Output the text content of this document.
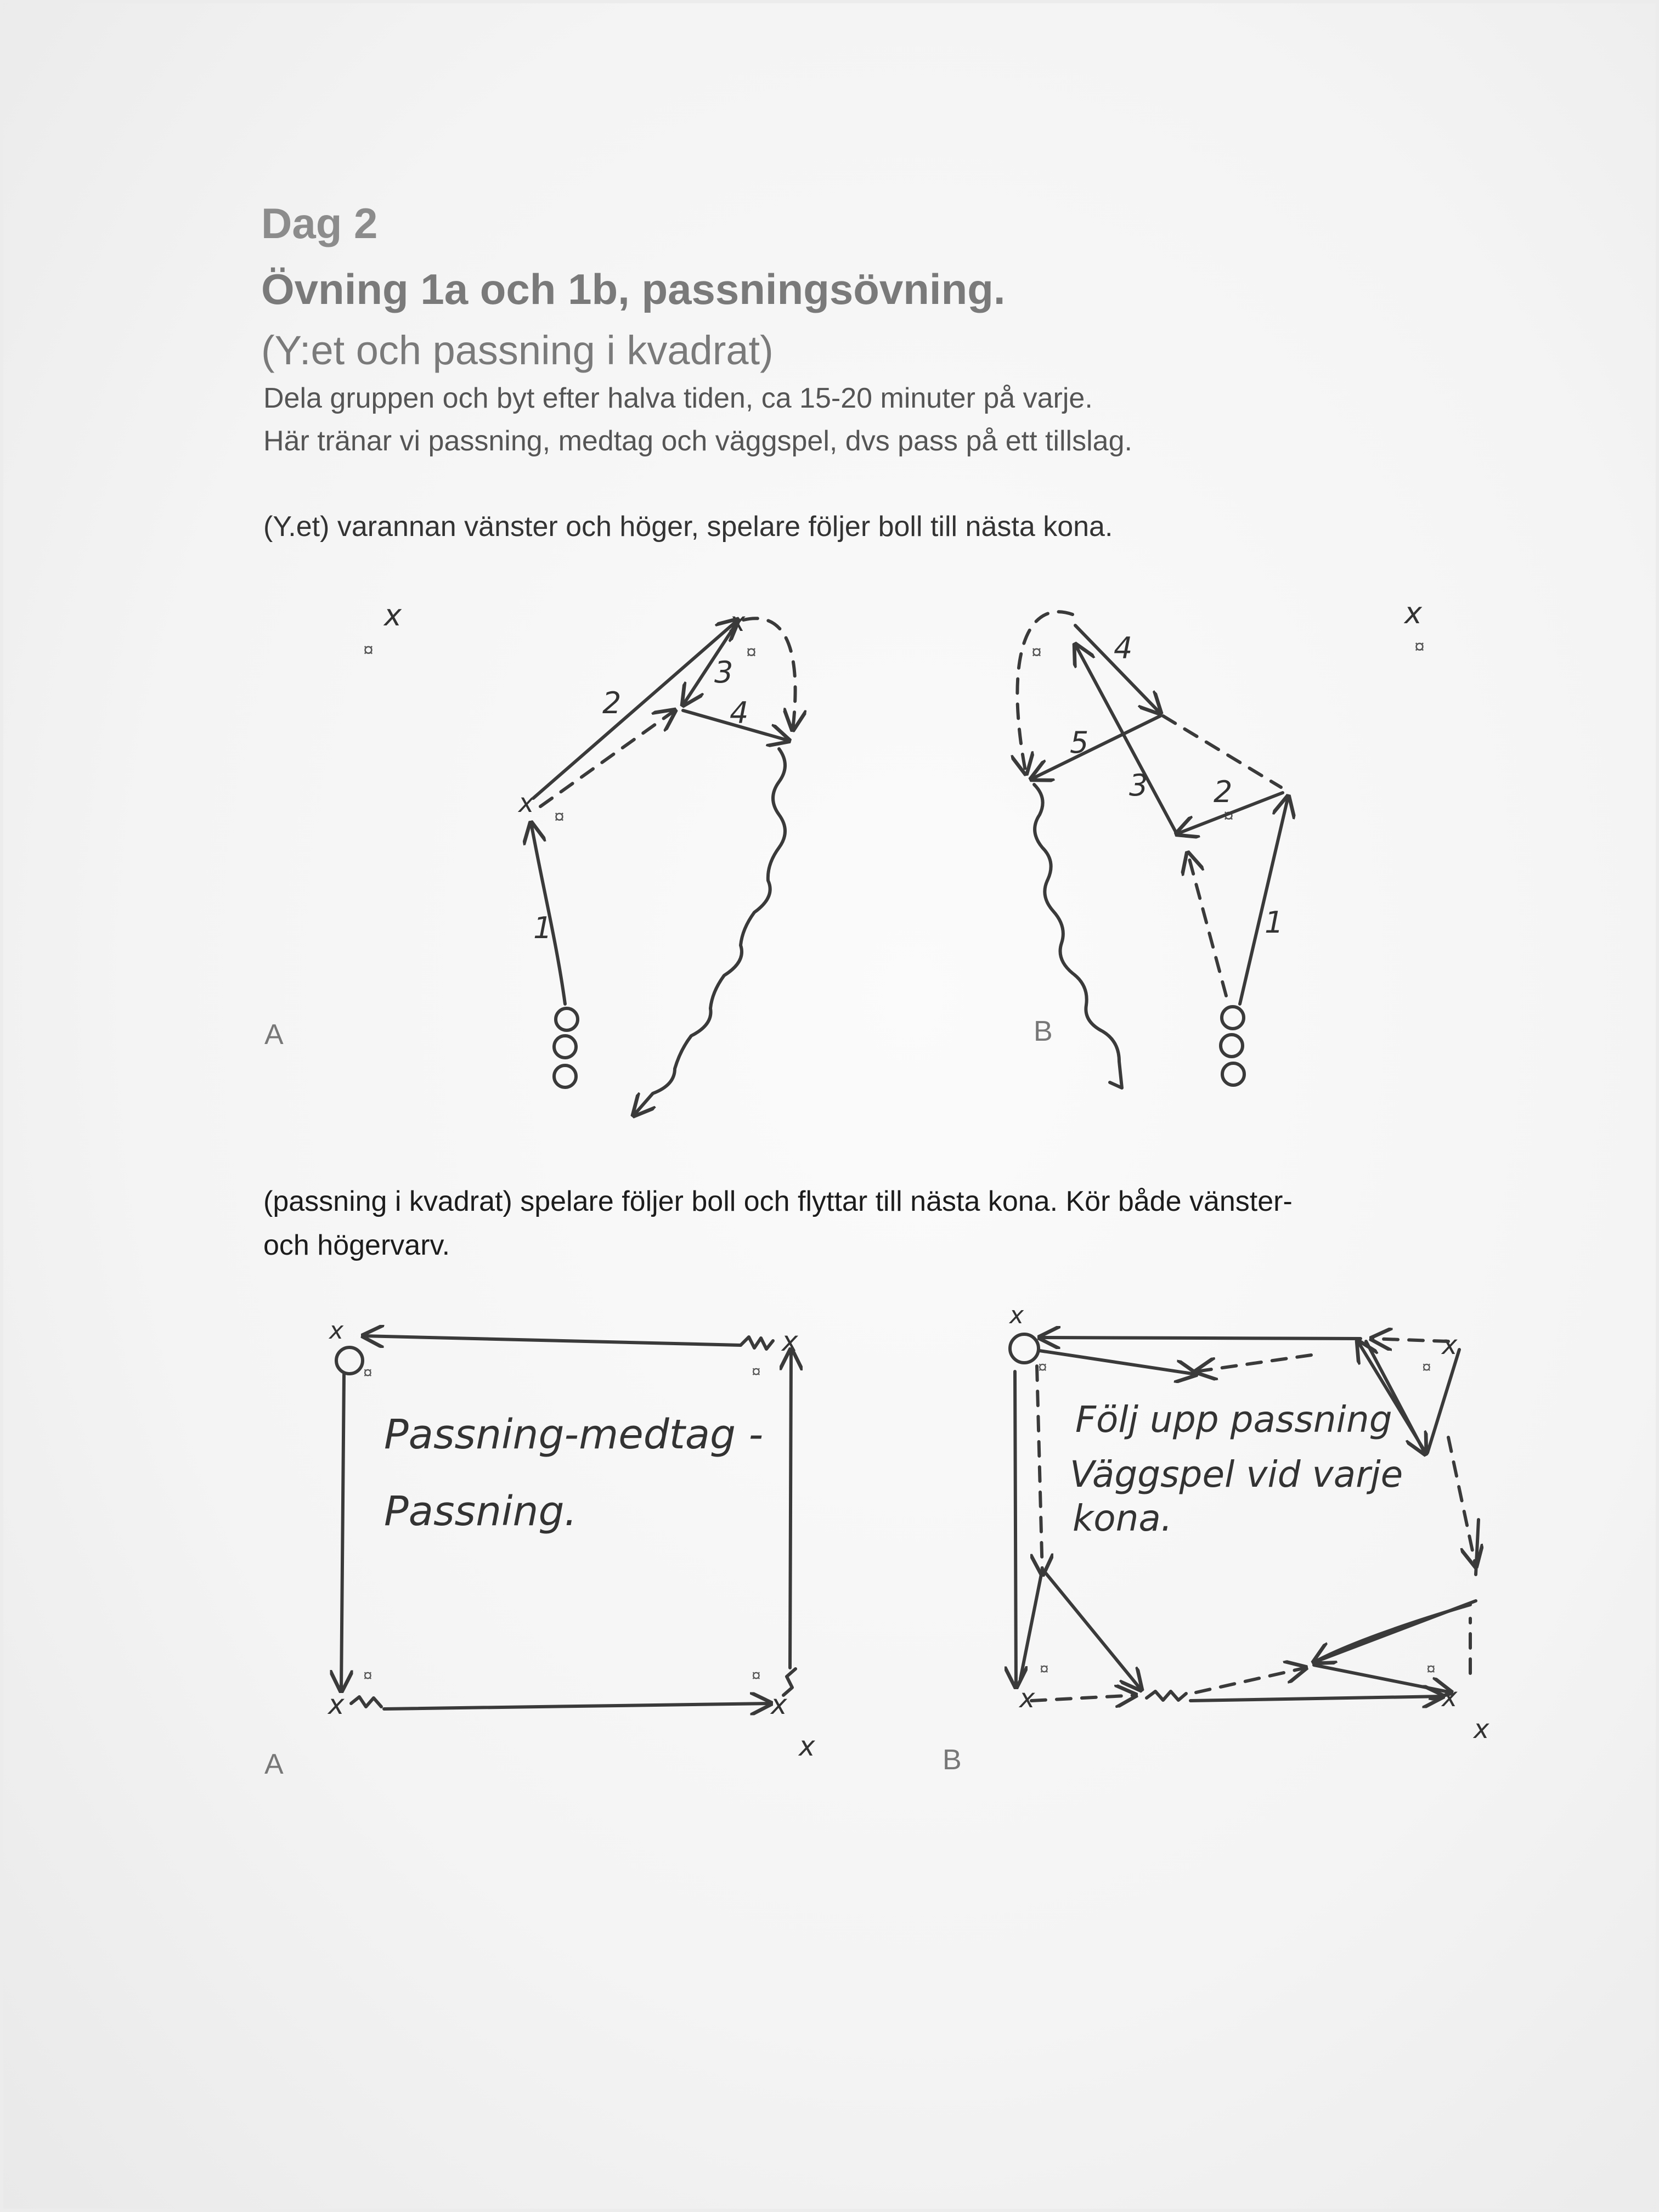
Dag 2
Övning 1a och 1b, passningsövning.
(Y:et och passning i kvadrat)
Dela gruppen och byt efter halva tiden, ca 15-20 minuter på varje.
Här tränar vi passning, medtag och väggspel, dvs pass på ett tillslag.
(Y.et) varannan vänster och höger, spelare följer boll till nästa kona.
(passning i kvadrat) spelare följer boll och flyttar till nästa kona. Kör både vänster-
och högervarv.
A	B
A	B
x
¤
¤
¤
x
x
1
2
3
4
x
¤
¤
¤
1
2
3
4
5
x
¤	¤
¤	¤
x
x	x
x
Passning-medtag -
Passning.
x
¤	¤
¤	¤
x
x	x
x
Följ upp passning
Väggspel vid varje
kona.
